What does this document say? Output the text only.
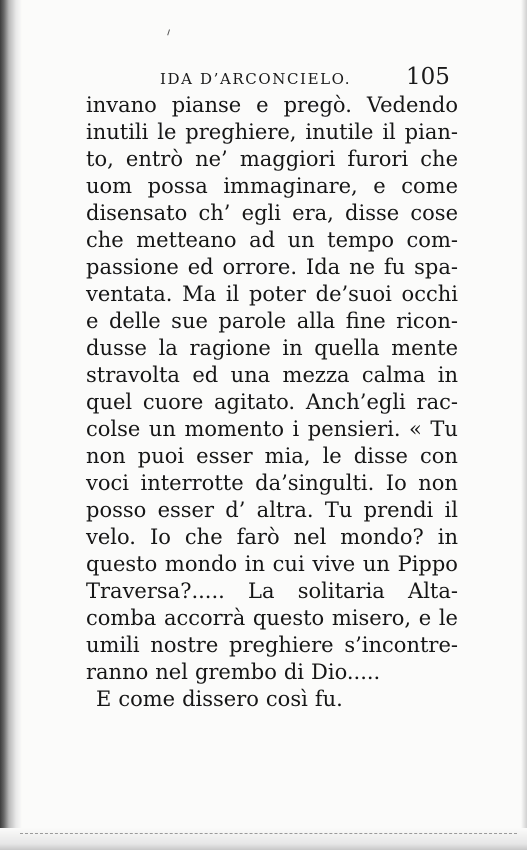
IDA D’ARCONCIELO. 105
invano pianse e pregò. Vedendo
inutili le preghiere, inutile il pian-
to, entrò ne’ maggiori furori che
uom possa immaginare, e come
disensato ch’ egli era, disse cose
che metteano ad un tempo com-
passione ed orrore. Ida ne fu spa-
ventata. Ma il poter de’suoi occhi
e delle sue parole alla fine ricon-
dusse la ragione in quella mente
stravolta ed una mezza calma in
quel cuore agitato. Anch’egli rac-
colse un momento i pensieri. « Tu
non puoi esser mia, le disse con
voci interrotte da’singulti. Io non
posso esser d’ altra. Tu prendi il
velo. Io che farò nel mondo? in
questo mondo in cui vive un Pippo
Traversa?..... La solitaria Alta-
comba accorrà questo misero, e le
umili nostre preghiere s’incontre-
ranno nel grembo di Dio.....
E come dissero così fu.
